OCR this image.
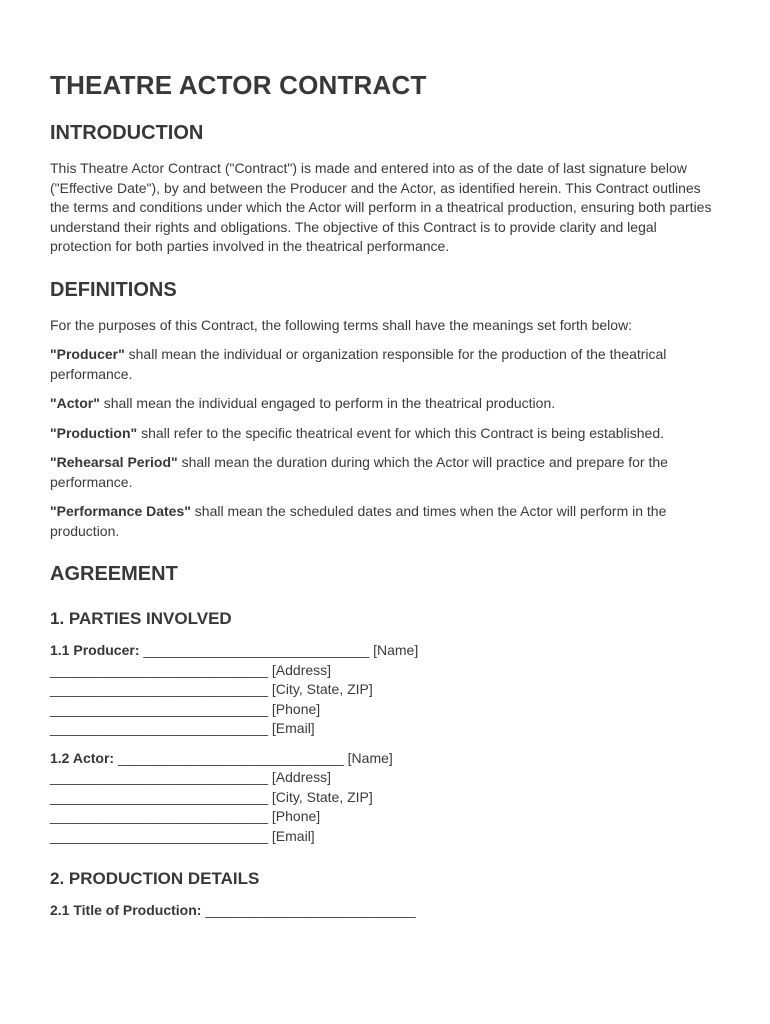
THEATRE ACTOR CONTRACT
INTRODUCTION

This Theatre Actor Contract ("Contract") is made and entered into as of the date of last signature below ("Effective Date"), by and between the Producer and the Actor, as identified herein. This Contract outlines the terms and conditions under which the Actor will perform in a theatrical production, ensuring both parties understand their rights and obligations. The objective of this Contract is to provide clarity and legal protection for both parties involved in the theatrical performance.

DEFINITIONS

For the purposes of this Contract, the following terms shall have the meanings set forth below:

"Producer" shall mean the individual or organization responsible for the production of the theatrical performance.

"Actor" shall mean the individual engaged to perform in the theatrical production.

"Production" shall refer to the specific theatrical event for which this Contract is being established.

"Rehearsal Period" shall mean the duration during which the Actor will practice and prepare for the performance.

"Performance Dates" shall mean the scheduled dates and times when the Actor will perform in the production.

AGREEMENT
1. PARTIES INVOLVED
1.1 Producer: _____________________________ [Name]
____________________________ [Address]
____________________________ [City, State, ZIP]
____________________________ [Phone]
____________________________ [Email]
1.2 Actor: _____________________________ [Name]
____________________________ [Address]
____________________________ [City, State, ZIP]
____________________________ [Phone]
____________________________ [Email]
2. PRODUCTION DETAILS
2.1 Title of Production: ___________________________
